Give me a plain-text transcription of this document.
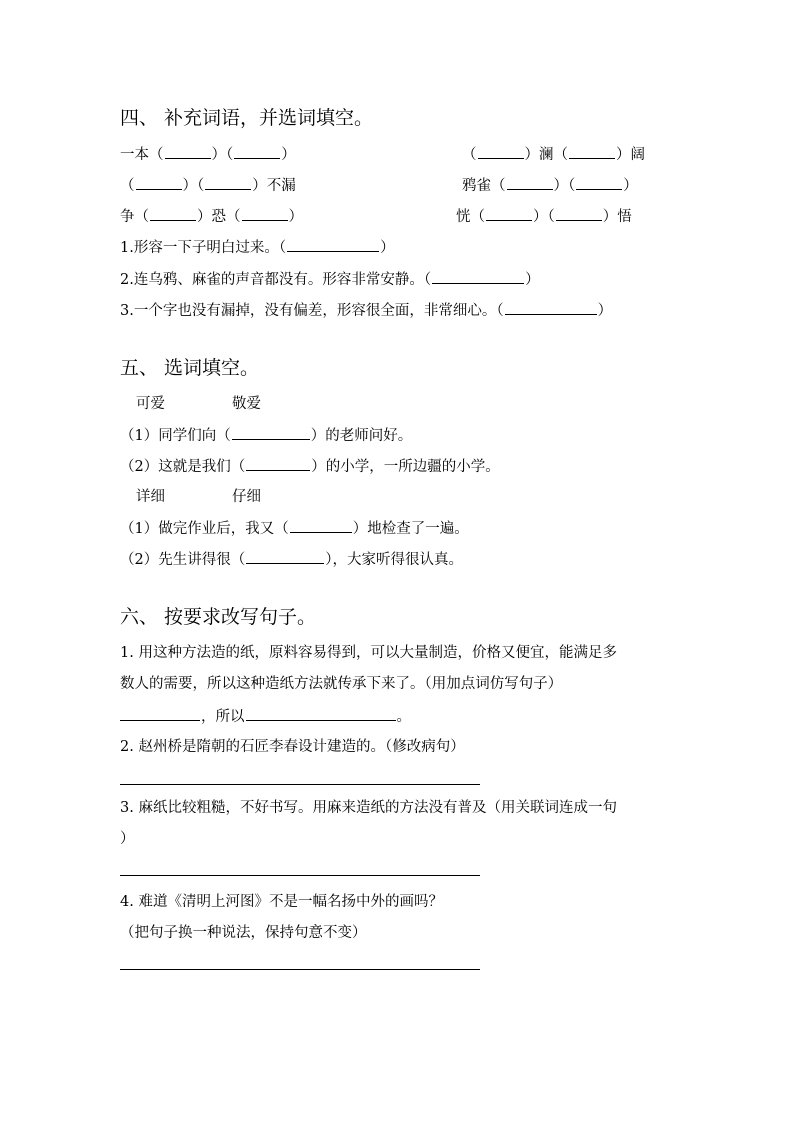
四、 补充词语，并选词填空。
一本（	）（	）	（	）澜（	）阔
（	）（	）不漏	鸦雀（	）（	）
争（	）恐（	）	恍（	）（	）悟
1.形容一下子明白过来。（	）
2.连乌鸦、麻雀的声音都没有。形容非常安静。（	）
3.一个字也没有漏掉，没有偏差，形容很全面，非常细心。（	）
五、 选词填空。
可爱	敬爱
（1）同学们向（	）的老师问好。
（2）这就是我们（	）的小学，一所边疆的小学。
详细	仔细
（1）做完作业后，我又（	）地检查了一遍。
（2）先生讲得很（	），大家听得很认真。
六、 按要求改写句子。
1. 用这种方法造的纸，原料容易得到，可以大量制造，价格又便宜，能满足多
数人的需要，所以这种造纸方法就传承下来了。（用加点词仿写句子）
，所以	。
2. 赵州桥是隋朝的石匠李春设计建造的。（修改病句）
3. 麻纸比较粗糙，不好书写。用麻来造纸的方法没有普及（用关联词连成一句
）
4. 难道《清明上河图》不是一幅名扬中外的画吗？
（把句子换一种说法，保持句意不变）
